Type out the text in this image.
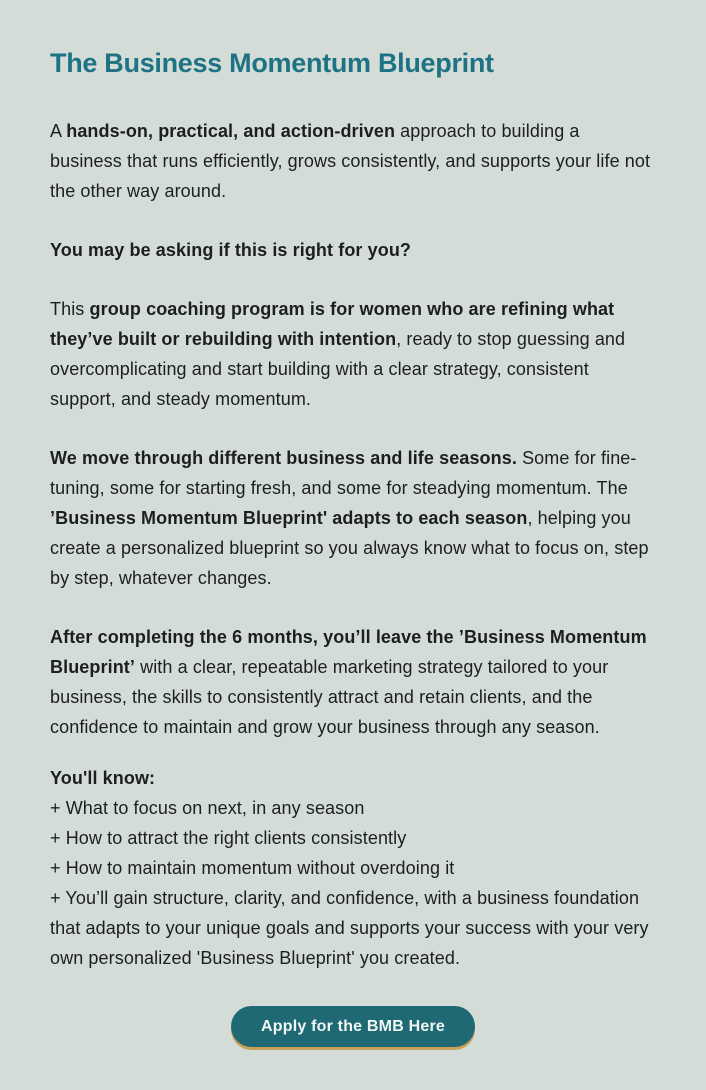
The Business Momentum Blueprint

A hands-on, practical, and action-driven approach to building a business that runs efficiently, grows consistently, and supports your life not the other way around.

You may be asking if this is right for you?

This group coaching program is for women who are refining what they’ve built or rebuilding with intention, ready to stop guessing and overcomplicating and start building with a clear strategy, consistent support, and steady momentum.

We move through different business and life seasons. Some for fine-tuning, some for starting fresh, and some for steadying momentum. The ’Business Momentum Blueprint' adapts to each season, helping you create a personalized blueprint so you always know what to focus on, step by step, whatever changes.

After completing the 6 months, you’ll leave the ’Business Momentum Blueprint’ with a clear, repeatable marketing strategy tailored to your business, the skills to consistently attract and retain clients, and the confidence to maintain and grow your business through any season.

You'll know:
+ What to focus on next, in any season
+ How to attract the right clients consistently
+ How to maintain momentum without overdoing it
+ You’ll gain structure, clarity, and confidence, with a business foundation that adapts to your unique goals and supports your success with your very own personalized 'Business Blueprint' you created.
Apply for the BMB Here
